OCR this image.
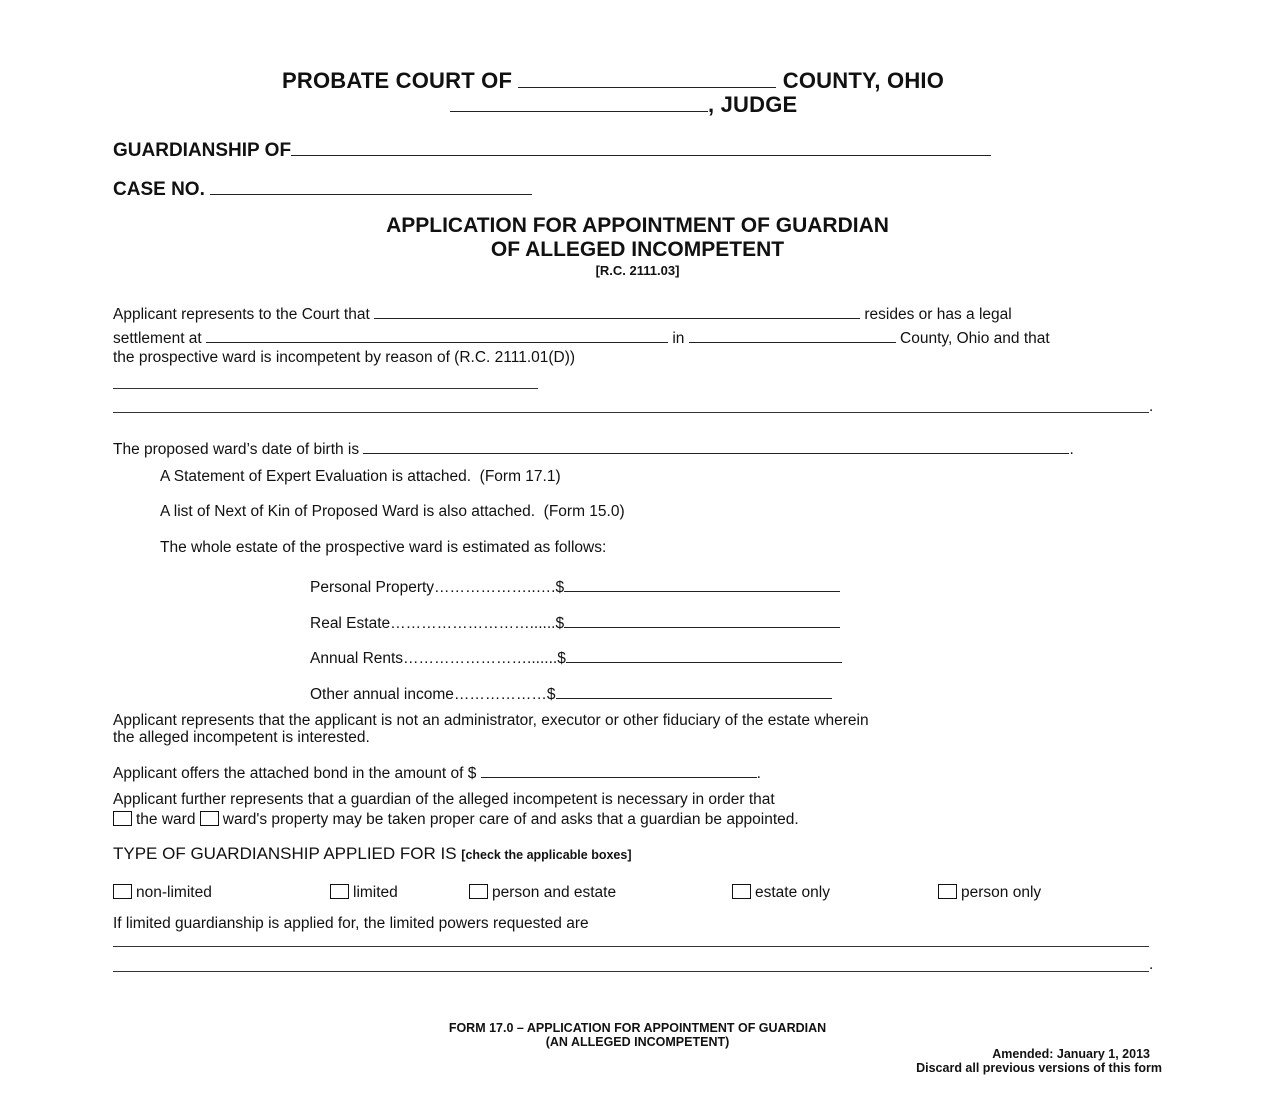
PROBATE COURT OF	COUNTY, OHIO
, JUDGE
GUARDIANSHIP OF
CASE NO.
APPLICATION FOR APPOINTMENT OF GUARDIAN
OF ALLEGED INCOMPETENT
[R.C. 2111.03]
Applicant represents to the Court that	resides or has a legal
settlement at	in	County, Ohio and that
the prospective ward is incompetent by reason of (R.C. 2111.01(D))
.
The proposed ward’s date of birth is	.
A Statement of Expert Evaluation is attached.  (Form 17.1)
A list of Next of Kin of Proposed Ward is also attached.  (Form 15.0)
The whole estate of the prospective ward is estimated as follows:
Personal Property………………..….$
Real Estate………………………......$
Annual Rents…………………….......$
Other annual income………………$
Applicant represents that the applicant is not an administrator, executor or other fiduciary of the estate wherein
the alleged incompetent is interested.
Applicant offers the attached bond in the amount of $	.
Applicant further represents that a guardian of the alleged incompetent is necessary in order that
the ward ward's property may be taken proper care of and asks that a guardian be appointed.
TYPE OF GUARDIANSHIP APPLIED FOR IS [check the applicable boxes]
non-limited	limited	person and estate	estate only	person only
If limited guardianship is applied for, the limited powers requested are
.
FORM 17.0 – APPLICATION FOR APPOINTMENT OF GUARDIAN
(AN ALLEGED INCOMPETENT)
Amended: January 1, 2013
Discard all previous versions of this form
